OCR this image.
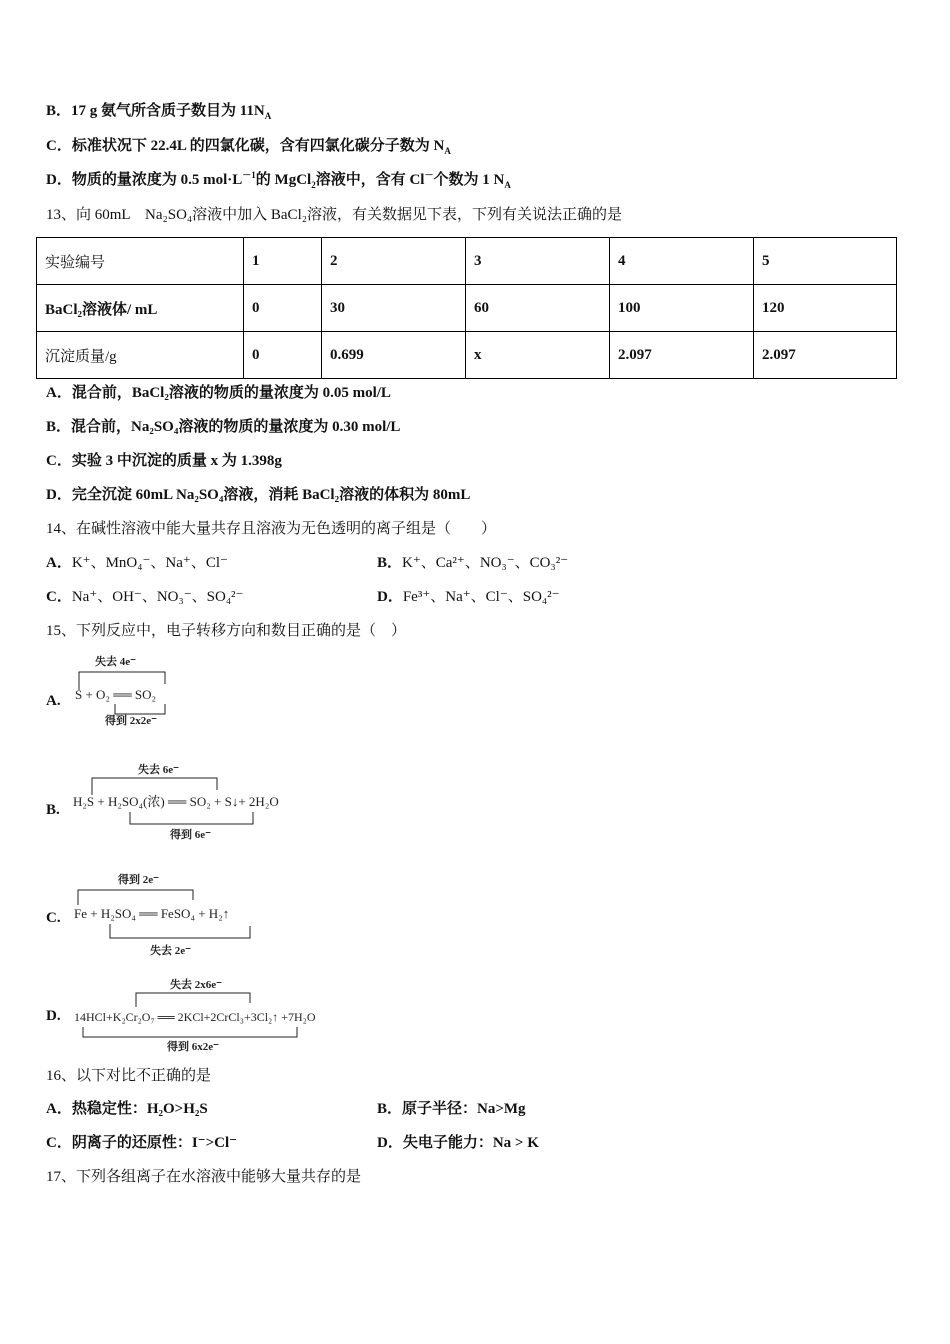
B．17 g 氨气所含质子数目为 $11N_A$
C．标准状况下 22.4L 的四氯化碳，含有四氯化碳分子数为 $N_A$
D．物质的量浓度为 0.5 $mol\cdot L^{-1}$的 MgCl$_2$溶液中，含有 Cl－个数为 1 $N_A$
13、向 60mL　Na₂SO₄溶液中加入 BaCl₂溶液，有关数据见下表，下列有关说法正确的是
实验编号	1	2	3	4	5
BaCl₂溶液体/ mL	0	30	60	100	120
沉淀质量/g	0	0.699	x	2.097	2.097
A．混合前，BaCl₂溶液的物质的量浓度为 0.05 mol/L
B．混合前，Na₂SO₄溶液的物质的量浓度为 0.30 mol/L
C．实验 3 中沉淀的质量 x 为 1.398g
D．完全沉淀 60mL Na₂SO₄溶液，消耗 BaCl₂溶液的体积为 80mL
14、在碱性溶液中能大量共存且溶液为无色透明的离子组是（　　）
A．K⁺、MnO₄⁻、Na⁺、Cl⁻	B．K⁺、Ca²⁺、NO₃⁻、CO₃²⁻
C．Na⁺、OH⁻、NO₃⁻、SO₄²⁻	D．Fe³⁺、Na⁺、Cl⁻、SO₄²⁻
15、下列反应中，电子转移方向和数目正确的是（　）
A.
失去 4e⁻
S + O₂ ══ SO₂
得到 2x2e⁻
B.
失去 6e⁻
H₂S + H₂SO₄(浓) ══ SO₂ + S↓+ 2H₂O
得到 6e⁻
C.
得到 2e⁻
Fe + H₂SO₄ ══ FeSO₄ + H₂↑
失去 2e⁻
D.
失去 2x6e⁻
14HCl+K₂Cr₂O₇ ══ 2KCl+2CrCl₃+3Cl₂↑ +7H₂O
得到 6x2e⁻
16、以下对比不正确的是
A．热稳定性：H₂O>H₂S	B．原子半径：Na>Mg
C．阴离子的还原性：I⁻>Cl⁻	D．失电子能力：Na > K
17、下列各组离子在水溶液中能够大量共存的是
